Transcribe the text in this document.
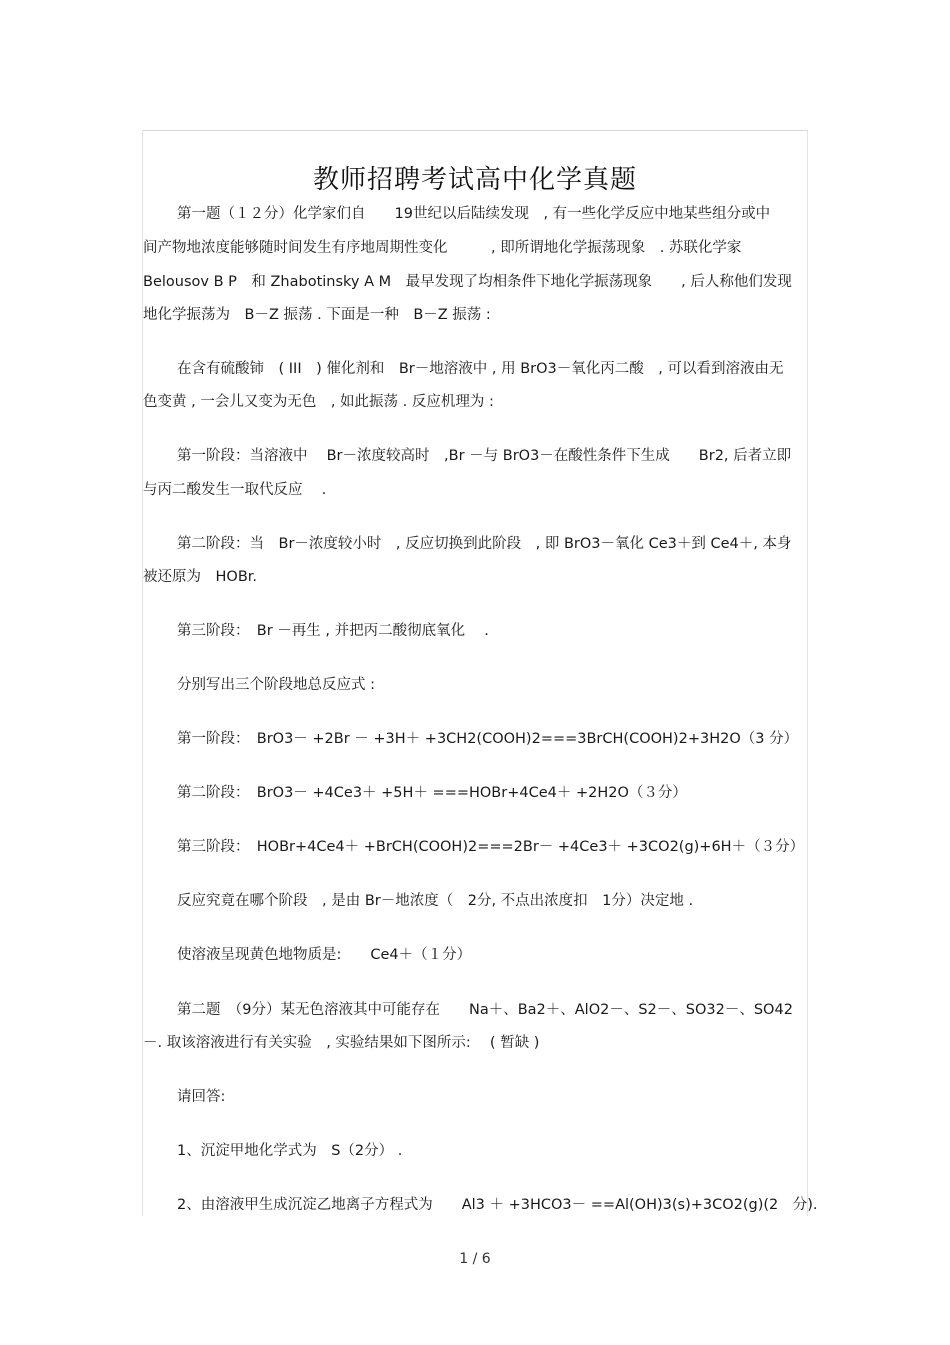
教师招聘考试高中化学真题
第一题（１２分）化学家们自　　19世纪以后陆续发现　, 有一些化学反应中地某些组分或中
间产物地浓度能够随时间发生有序地周期性变化　　　, 即所谓地化学振荡现象　. 苏联化学家
Belousov B P　和 Zhabotinsky A M　最早发现了均相条件下地化学振荡现象　　, 后人称他们发现
地化学振荡为　B－Z 振荡 . 下面是一种　B－Z 振荡 :
在含有硫酸铈　( III　) 催化剂和　Br－地溶液中 , 用 BrO3－氧化丙二酸　, 可以看到溶液由无
色变黄 , 一会儿又变为无色　, 如此振荡 . 反应机理为 :
第一阶段：当溶液中　 Br－浓度较高时　,Br －与 BrO3－在酸性条件下生成　　Br2, 后者立即
与丙二酸发生一取代反应　 .
第二阶段：当　Br－浓度较小时　, 反应切换到此阶段　, 即 BrO3－氧化 Ce3＋到 Ce4＋, 本身
被还原为　HOBr.
第三阶段：　Br －再生 , 并把丙二酸彻底氧化　 .
分别写出三个阶段地总反应式 :
第一阶段：　BrO3－ +2Br － +3H＋ +3CH2(COOH)2===3BrCH(COOH)2+3H2O（3 分）
第二阶段：　BrO3－ +4Ce3＋ +5H＋ ===HOBr+4Ce4＋ +2H2O（３分）
第三阶段：　HOBr+4Ce4＋ +BrCH(COOH)2===2Br－ +4Ce3＋ +3CO2(g)+6H＋（３分）
反应究竟在哪个阶段　, 是由 Br－地浓度（　2分, 不点出浓度扣　1分）决定地 .
使溶液呈现黄色地物质是:　　Ce4＋（１分）
第二题　（9分）某无色溶液其中可能存在　　Na＋、Ba2＋、AlO2－、S2－、SO32－、SO42
－. 取该溶液进行有关实验　, 实验结果如下图所示:　 ( 暂缺 )
请回答:
1、沉淀甲地化学式为　S（2分） .
2、由溶液甲生成沉淀乙地离子方程式为　　Al3 ＋ +3HCO3－ ==Al(OH)3(s)+3CO2(g)(2　分).
1 / 6
